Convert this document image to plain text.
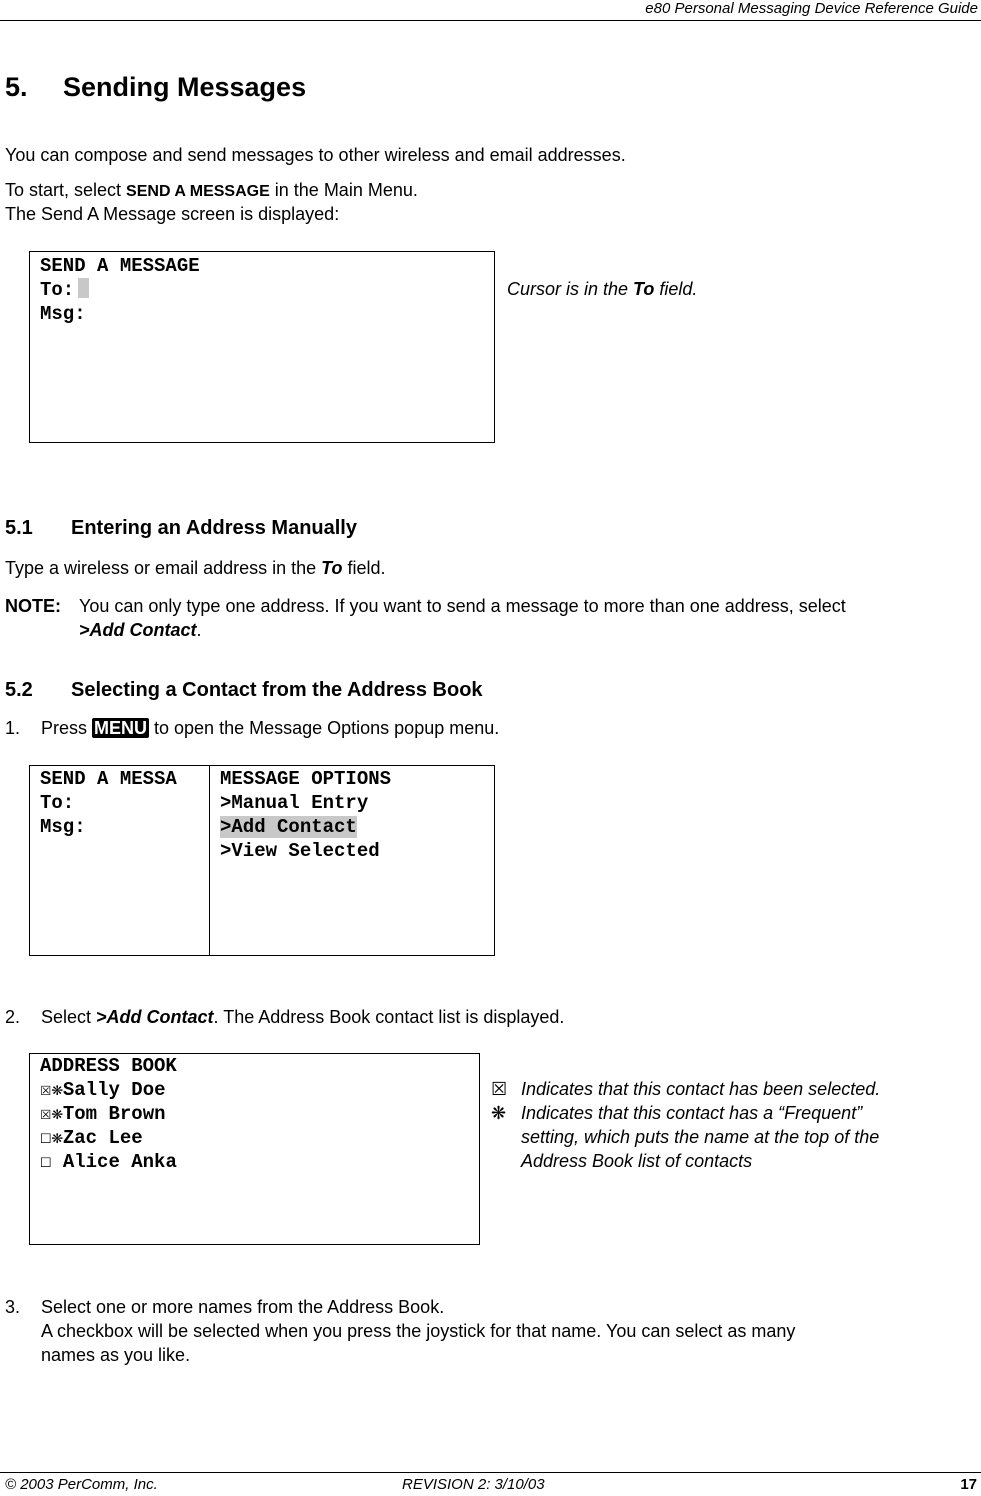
e80 Personal Messaging Device Reference Guide
5. Sending Messages
You can compose and send messages to other wireless and email addresses.
To start, select SEND A MESSAGE in the Main Menu.
The Send A Message screen is displayed:
SEND A MESSAGE
To:
Msg:
Cursor is in the To field.
5.1 Entering an Address Manually
Type a wireless or email address in the To field.
NOTE: You can only type one address. If you want to send a message to more than one address, select
>Add Contact.
5.2 Selecting a Contact from the Address Book
1. Press MENU to open the Message Options popup menu.
SEND A MESSA
To:
Msg:
MESSAGE OPTIONS
>Manual Entry
>Add Contact
>View Selected
2. Select >Add Contact. The Address Book contact list is displayed.
ADDRESS BOOK
☒❋Sally Doe
☒❋Tom Brown
☐❋Zac Lee
☐ Alice Anka
☒ Indicates that this contact has been selected.
❋ Indicates that this contact has a “Frequent”
setting, which puts the name at the top of the
Address Book list of contacts
3. Select one or more names from the Address Book.
A checkbox will be selected when you press the joystick for that name. You can select as many
names as you like.
© 2003 PerComm, Inc.	REVISION 2: 3/10/03	17
